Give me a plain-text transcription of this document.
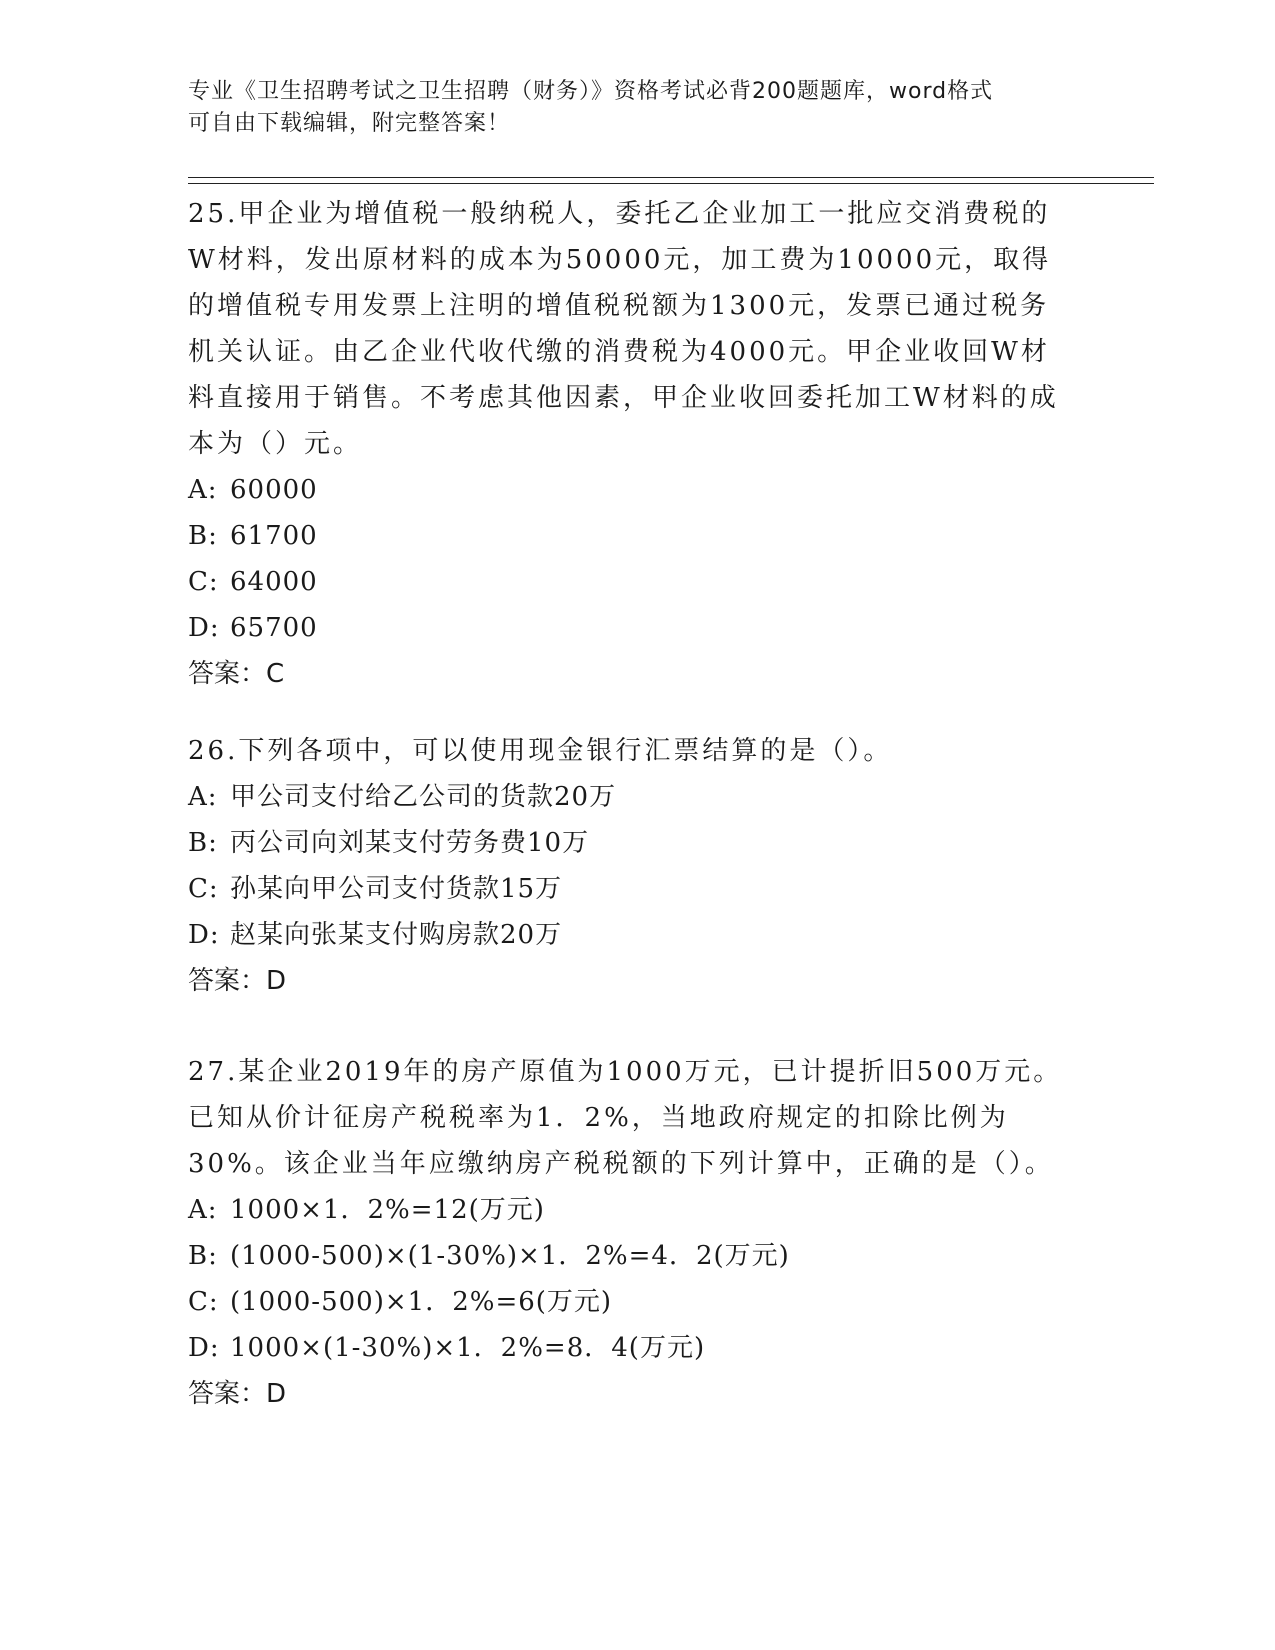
专业《卫生招聘考试之卫生招聘（财务）》资格考试必背200题题库，word格式
可自由下载编辑，附完整答案！

25.甲企业为增值税一般纳税人，委托乙企业加工一批应交消费税的W材料，发出原材料的成本为50000元，加工费为10000元，取得的增值税专用发票上注明的增值税税额为1300元，发票已通过税务机关认证。由乙企业代收代缴的消费税为4000元。甲企业收回W材料直接用于销售。不考虑其他因素，甲企业收回委托加工W材料的成本为（）元。

A: 60000

B: 61700

C: 64000

D: 65700

答案：C

26.下列各项中，可以使用现金银行汇票结算的是（）。

A: 甲公司支付给乙公司的货款20万

B: 丙公司向刘某支付劳务费10万

C: 孙某向甲公司支付货款15万

D: 赵某向张某支付购房款20万

答案：D

27.某企业2019年的房产原值为1000万元，已计提折旧500万元。已知从价计征房产税税率为1．2%，当地政府规定的扣除比例为30%。该企业当年应缴纳房产税税额的下列计算中，正确的是（）。

A: 1000×1．2%=12(万元)

B: (1000-500)×(1-30%)×1．2%=4．2(万元)

C: (1000-500)×1．2%=6(万元)

D: 1000×(1-30%)×1．2%=8．4(万元)

答案：D
